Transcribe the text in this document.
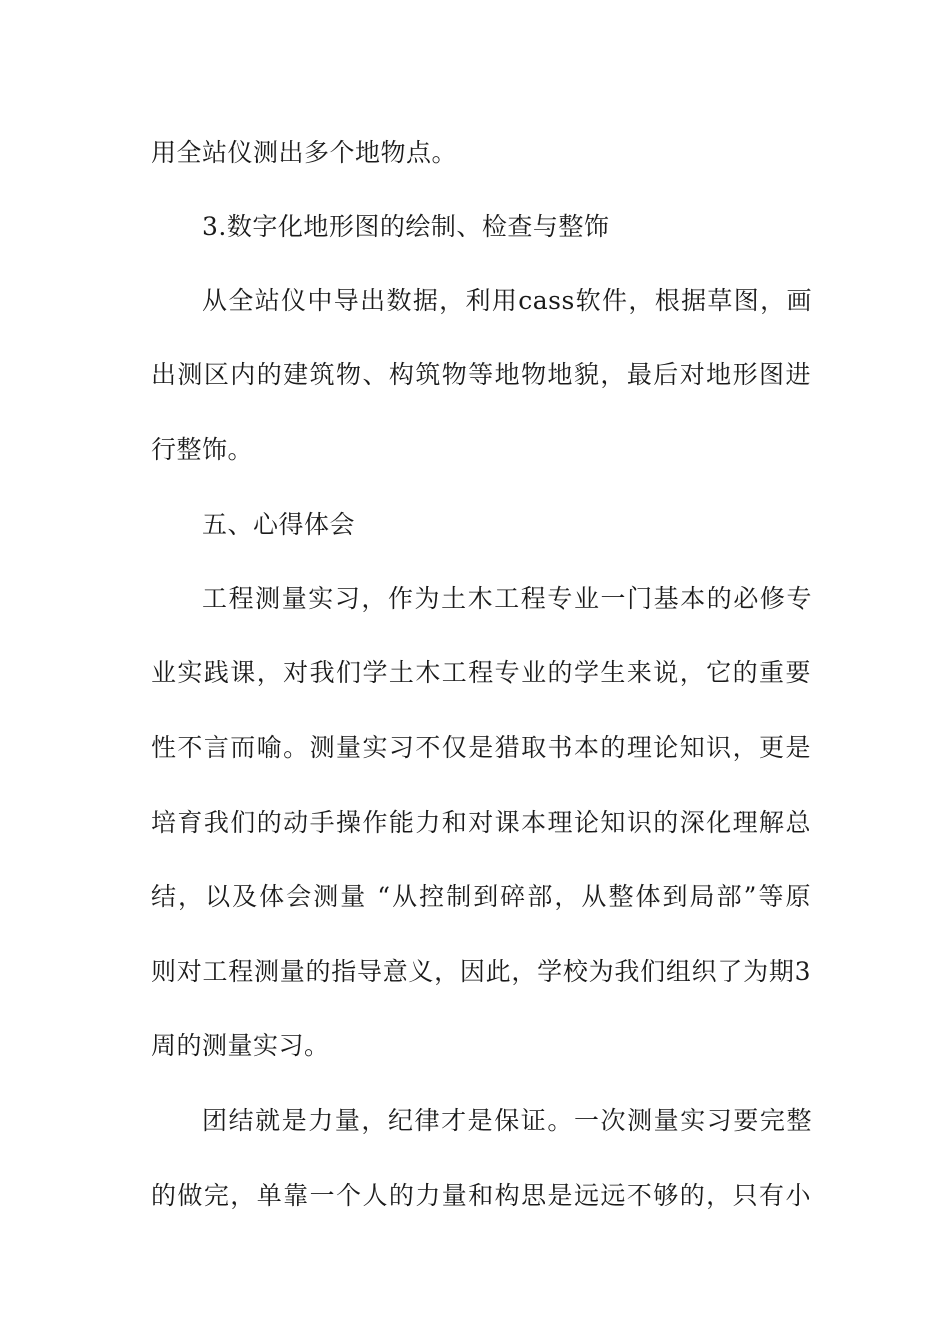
用全站仪测出多个地物点。
3.数字化地形图的绘制、检查与整饰
从全站仪中导出数据，利用cass软件，根据草图，画
出测区内的建筑物、构筑物等地物地貌，最后对地形图进
行整饰。
五、心得体会
工程测量实习，作为土木工程专业一门基本的必修专
业实践课，对我们学土木工程专业的学生来说，它的重要
性不言而喻。测量实习不仅是猎取书本的理论知识，更是
培育我们的动手操作能力和对课本理论知识的深化理解总
结，以及体会测量 “从控制到碎部，从整体到局部”等原
则对工程测量的指导意义，因此，学校为我们组织了为期3
周的测量实习。
团结就是力量，纪律才是保证。一次测量实习要完整
的做完，单靠一个人的力量和构思是远远不够的，只有小
